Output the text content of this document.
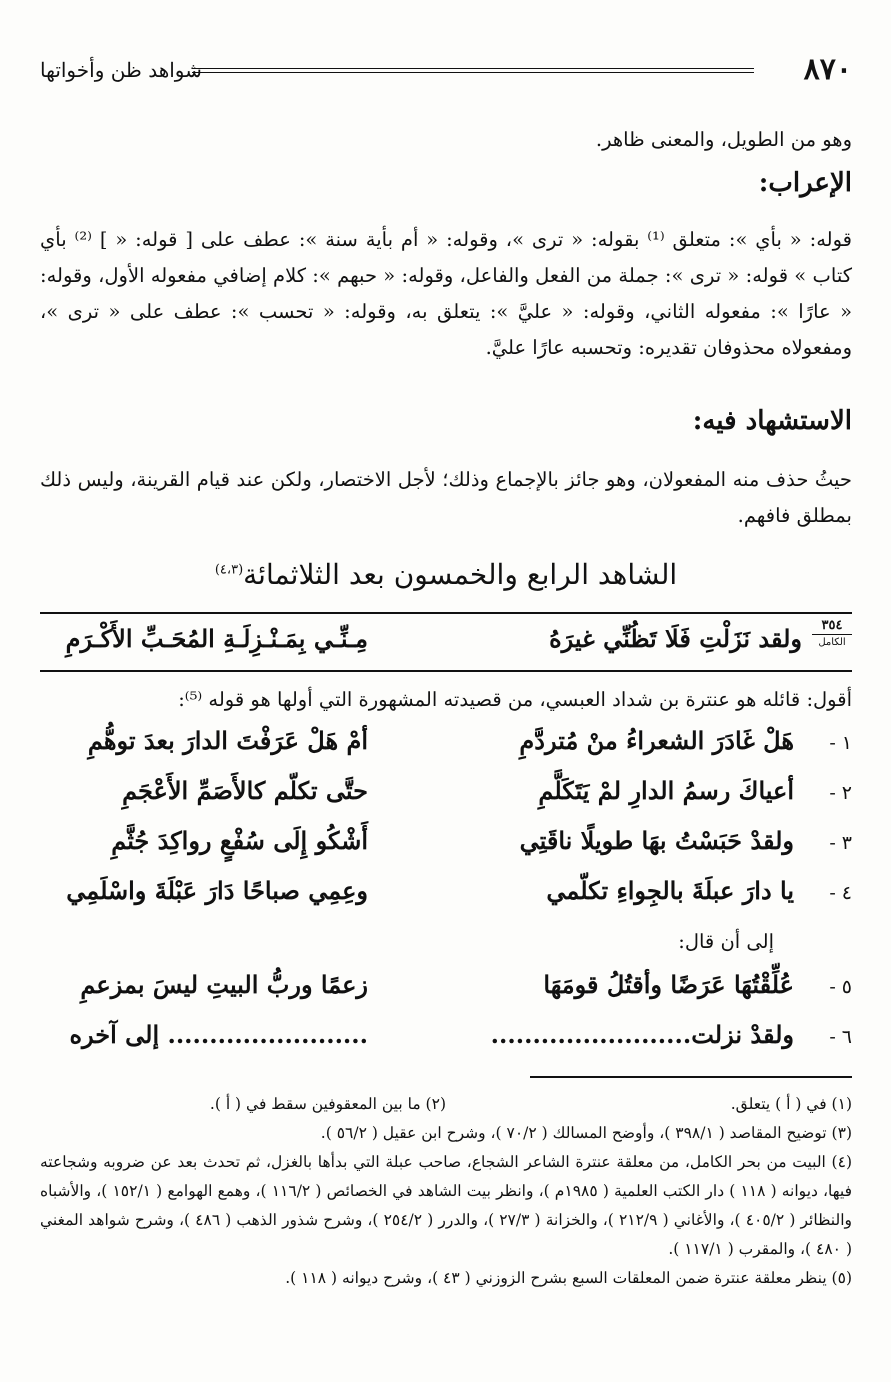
٨٧٠
شواهد ظن وأخواتها
وهو من الطويل، والمعنى ظاهر.
الإعراب:
قوله: « بأي »: متعلق ⁽¹⁾ بقوله: « ترى »، وقوله: « أم بأية سنة »: عطف على [ قوله: « ] ⁽²⁾ بأي كتاب » قوله: « ترى »: جملة من الفعل والفاعل، وقوله: « حبهم »: كلام إضافي مفعوله الأول، وقوله: « عارًا »: مفعوله الثاني، وقوله: « عليَّ »: يتعلق به، وقوله: « تحسب »: عطف على « ترى »، ومفعولاه محذوفان تقديره: وتحسبه عارًا عليَّ.
الاستشهاد فيه:
حيثُ حذف منه المفعولان، وهو جائز بالإجماع وذلك؛ لأجل الاختصار، ولكن عند قيام القرينة، وليس ذلك بمطلق فافهم.
الشاهد الرابع والخمسون بعد الثلاثمائة$^{(٤،٣)}$
٣٥٤
الكامل
ولقد نَزَلْتِ فَلَا تَظُنِّي غيرَهُ
مِـنِّـي بِمَـنْـزِلَـةِ المُحَـبِّ الأَكْـرَمِ
أقول: قائله هو عنترة بن شداد العبسي، من قصيدته المشهورة التي أولها هو قوله ⁽⁵⁾:
١ -
هَلْ غَادَرَ الشعراءُ منْ مُتردَّمِ
أمْ هَلْ عَرَفْتَ الدارَ بعدَ توهُّمِ
٢ -
أعياكَ رسمُ الدارِ لمْ يَتَكَلَّمِ
حتَّى تكلّم كالأَصَمِّ الأَعْجَمِ
٣ -
ولقدْ حَبَسْتُ بهَا طويلًا ناقَتِي
أَشْكُو إِلَى سُفْعٍ رواكِدَ جُثَّمِ
٤ -
يا دارَ عبلَةَ بالجِواءِ تكلّمي
وعِمِي صباحًا دَارَ عَبْلَةَ واسْلَمِي
إلى أن قال:
٥ -
عُلِّقْتُهَا عَرَضًا وأقتُلُ قومَهَا
زعمًا وربُّ البيتِ ليسَ بمزعمِ
٦ -
ولقدْ نزلت........................
........................ إلى آخره
(١) في ( أ ) يتعلق.
(٢) ما بين المعقوفين سقط في ( أ ).
(٣) توضيح المقاصد ( ٣٩٨/١ )، وأوضح المسالك ( ٧٠/٢ )، وشرح ابن عقيل ( ٥٦/٢ ).
(٤) البيت من بحر الكامل، من معلقة عنترة الشاعر الشجاع، صاحب عبلة التي بدأها بالغزل، ثم تحدث بعد عن ضروبه وشجاعته فيها، ديوانه ( ١١٨ ) دار الكتب العلمية ( ١٩٨٥م )، وانظر بيت الشاهد في الخصائص ( ١١٦/٢ )، وهمع الهوامع ( ١٥٢/١ )، والأشباه والنظائر ( ٤٠٥/٢ )، والأغاني ( ٢١٢/٩ )، والخزانة ( ٢٧/٣ )، والدرر ( ٢٥٤/٢ )، وشرح شذور الذهب ( ٤٨٦ )، وشرح شواهد المغني ( ٤٨٠ )، والمقرب ( ١١٧/١ ).
(٥) ينظر معلقة عنترة ضمن المعلقات السبع بشرح الزوزني ( ٤٣ )، وشرح ديوانه ( ١١٨ ).
